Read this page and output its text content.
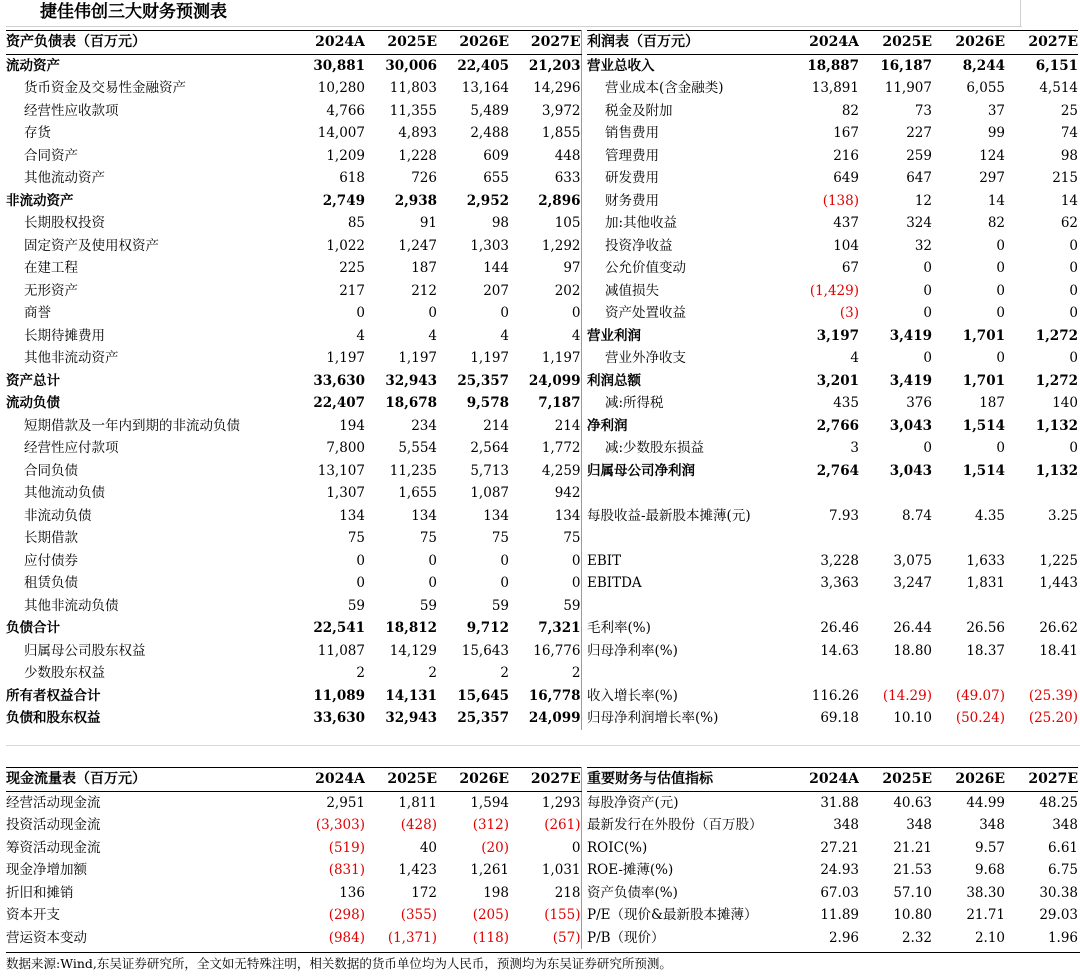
捷佳伟创三大财务预测表
资产负债表（百万元）	2024A	2025E	2026E	2027E
流动资产	30,881	30,006	22,405	21,203
货币资金及交易性金融资产	10,280	11,803	13,164	14,296
经营性应收款项	4,766	11,355	5,489	3,972
存货	14,007	4,893	2,488	1,855
合同资产	1,209	1,228	609	448
其他流动资产	618	726	655	633
非流动资产	2,749	2,938	2,952	2,896
长期股权投资	85	91	98	105
固定资产及使用权资产	1,022	1,247	1,303	1,292
在建工程	225	187	144	97
无形资产	217	212	207	202
商誉	0	0	0	0
长期待摊费用	4	4	4	4
其他非流动资产	1,197	1,197	1,197	1,197
资产总计	33,630	32,943	25,357	24,099
流动负债	22,407	18,678	9,578	7,187
短期借款及一年内到期的非流动负债	194	234	214	214
经营性应付款项	7,800	5,554	2,564	1,772
合同负债	13,107	11,235	5,713	4,259
其他流动负债	1,307	1,655	1,087	942
非流动负债	134	134	134	134
长期借款	75	75	75	75
应付债券	0	0	0	0
租赁负债	0	0	0	0
其他非流动负债	59	59	59	59
负债合计	22,541	18,812	9,712	7,321
归属母公司股东权益	11,087	14,129	15,643	16,776
少数股东权益	2	2	2	2
所有者权益合计	11,089	14,131	15,645	16,778
负债和股东权益	33,630	32,943	25,357	24,099
利润表（百万元）	2024A	2025E	2026E	2027E
营业总收入	18,887	16,187	8,244	6,151
营业成本(含金融类)	13,891	11,907	6,055	4,514
税金及附加	82	73	37	25
销售费用	167	227	99	74
管理费用	216	259	124	98
研发费用	649	647	297	215
财务费用	(138)	12	14	14
加:其他收益	437	324	82	62
投资净收益	104	32	0	0
公允价值变动	67	0	0	0
减值损失	(1,429)	0	0	0
资产处置收益	(3)	0	0	0
营业利润	3,197	3,419	1,701	1,272
营业外净收支	4	0	0	0
利润总额	3,201	3,419	1,701	1,272
减:所得税	435	376	187	140
净利润	2,766	3,043	1,514	1,132
减:少数股东损益	3	0	0	0
归属母公司净利润	2,764	3,043	1,514	1,132

每股收益-最新股本摊薄(元)	7.93	8.74	4.35	3.25

EBIT	3,228	3,075	1,633	1,225
EBITDA	3,363	3,247	1,831	1,443

毛利率(%)	26.46	26.44	26.56	26.62
归母净利率(%)	14.63	18.80	18.37	18.41

收入增长率(%)	116.26	(14.29)	(49.07)	(25.39)
归母净利润增长率(%)	69.18	10.10	(50.24)	(25.20)
现金流量表（百万元）	2024A	2025E	2026E	2027E
经营活动现金流	2,951	1,811	1,594	1,293
投资活动现金流	(3,303)	(428)	(312)	(261)
筹资活动现金流	(519)	40	(20)	0
现金净增加额	(831)	1,423	1,261	1,031
折旧和摊销	136	172	198	218
资本开支	(298)	(355)	(205)	(155)
营运资本变动	(984)	(1,371)	(118)	(57)
重要财务与估值指标	2024A	2025E	2026E	2027E
每股净资产(元)	31.88	40.63	44.99	48.25
最新发行在外股份（百万股）	348	348	348	348
ROIC(%)	27.21	21.21	9.57	6.61
ROE-摊薄(%)	24.93	21.53	9.68	6.75
资产负债率(%)	67.03	57.10	38.30	30.38
P/E（现价&最新股本摊薄）	11.89	10.80	21.71	29.03
P/B（现价）	2.96	2.32	2.10	1.96
数据来源:Wind,东吴证券研究所，全文如无特殊注明，相关数据的货币单位均为人民币，预测均为东吴证券研究所预测。
